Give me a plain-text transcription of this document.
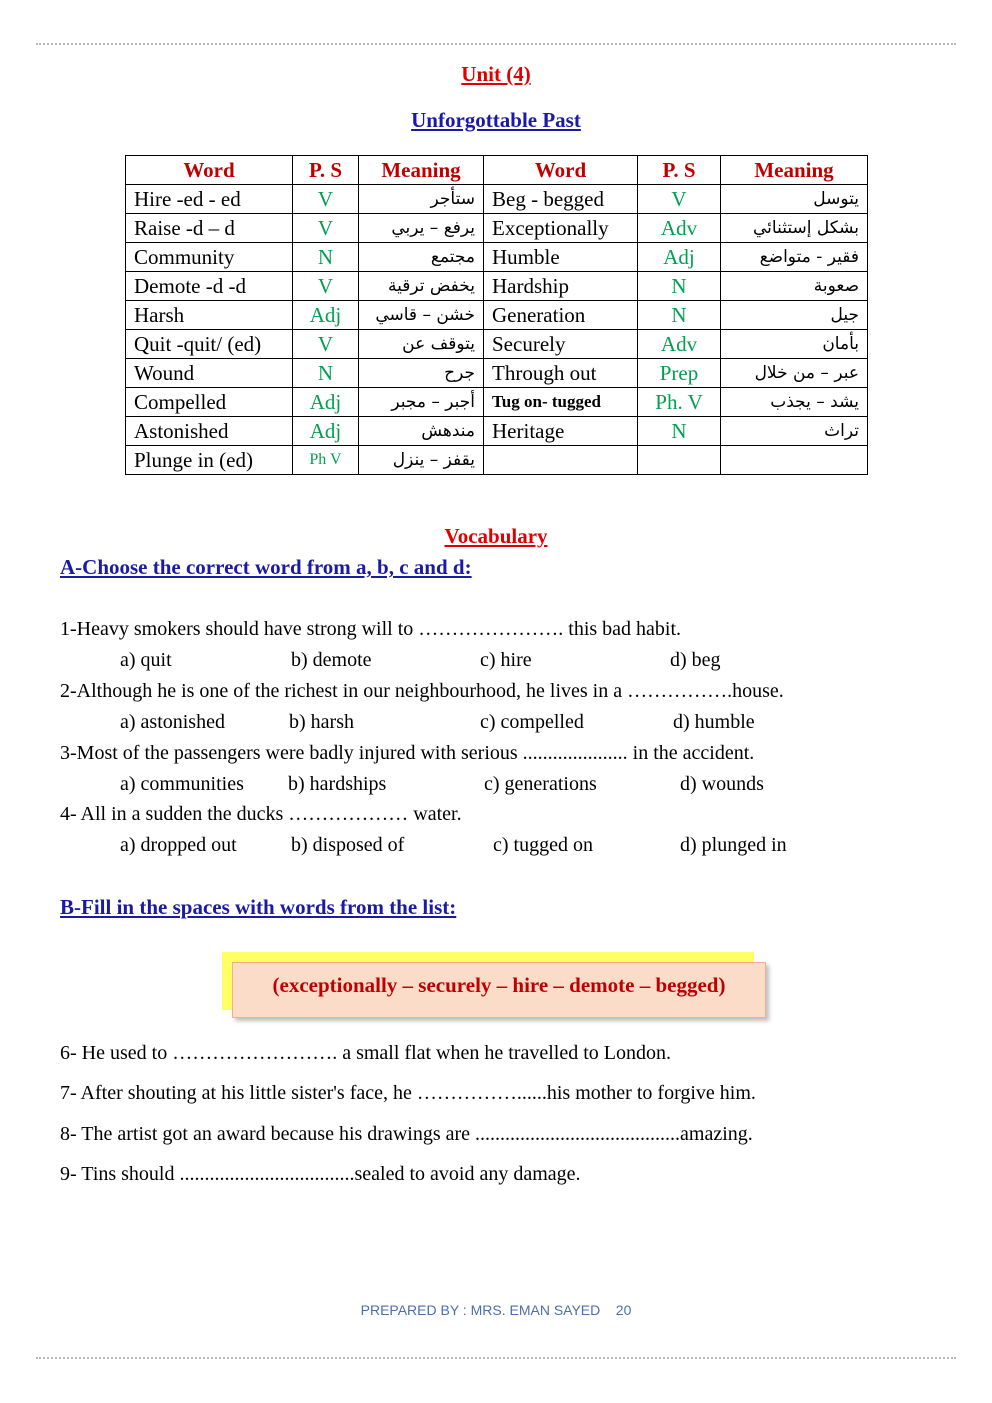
Unit (4)
Unforgottable Past
Word	P. S	Meaning	Word	P. S	Meaning
Hire -ed - ed	V	ستأجر	Beg - begged	V	يتوسل
Raise -d – d	V	يرفع – يربي	Exceptionally	Adv	بشكل إستثنائي
Community	N	مجتمع	Humble	Adj	فقير - متواضع
Demote -d -d	V	يخفض ترقية	Hardship	N	صعوبة
Harsh	Adj	خشن – قاسي	Generation	N	جيل
Quit -quit/ (ed)	V	يتوقف عن	Securely	Adv	بأمان
Wound	N	جرح	Through out	Prep	عبر – من خلال
Compelled	Adj	أجبر – مجبر	Tug on- tugged	Ph. V	يشد – يجذب
Astonished	Adj	مندهش	Heritage	N	تراث
Plunge in (ed)	Ph V	يقفز – ينزل			
Vocabulary
A-Choose the correct word from a, b, c and d:
1-Heavy smokers should have strong will to …………………. this bad habit.
a) quit	b) demote	c) hire	d) beg
2-Although he is one of the richest in our neighbourhood, he lives in a …………….house.
a) astonished	b) harsh	c) compelled	d) humble
3-Most of the passengers were badly injured with serious ..................... in the accident.
a) communities b) hardships	c) generations	d) wounds
4- All in a sudden the ducks ……………… water.
a) dropped out	b) disposed of	c) tugged on	d) plunged in
B-Fill in the spaces with words from the list:
(exceptionally – securely – hire – demote – begged)
6- He used to ……………………. a small flat when he travelled to London.
7- After shouting at his little sister's face, he ……………......his mother to forgive him.
8- The artist got an award because his drawings are .........................................amazing.
9- Tins should ...................................sealed to avoid any damage.
PREPARED BY : MRS. EMAN SAYED    20
